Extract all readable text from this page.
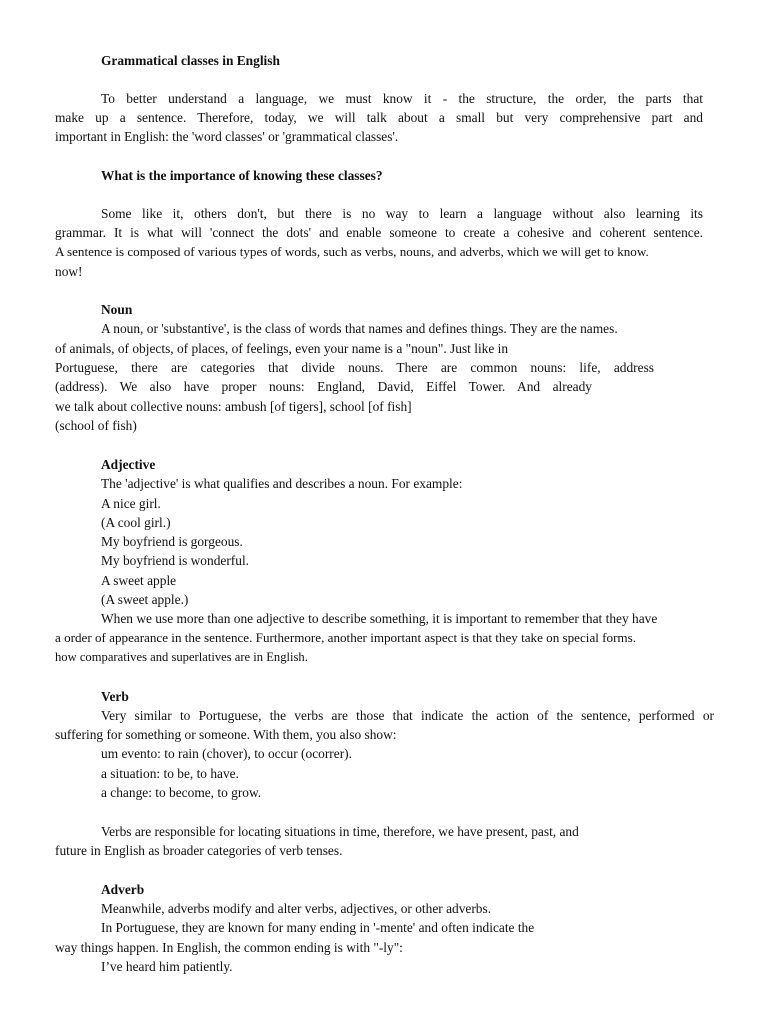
Grammatical classes in English
To better understand a language, we must know it - the structure, the order, the parts that
make up a sentence. Therefore, today, we will talk about a small but very comprehensive part and
important in English: the 'word classes' or 'grammatical classes'.
What is the importance of knowing these classes?
Some like it, others don't, but there is no way to learn a language without also learning its
grammar. It is what will 'connect the dots' and enable someone to create a cohesive and coherent sentence.
A sentence is composed of various types of words, such as verbs, nouns, and adverbs, which we will get to know.
now!
Noun
A noun, or 'substantive', is the class of words that names and defines things. They are the names.
of animals, of objects, of places, of feelings, even your name is a "noun". Just like in
Portuguese, there are categories that divide nouns. There are common nouns: life, address
(address). We also have proper nouns: England, David, Eiffel Tower. And already
we talk about collective nouns: ambush [of tigers], school [of fish]
(school of fish)
Adjective
The 'adjective' is what qualifies and describes a noun. For example:
A nice girl.
(A cool girl.)
My boyfriend is gorgeous.
My boyfriend is wonderful.
A sweet apple
(A sweet apple.)
When we use more than one adjective to describe something, it is important to remember that they have
a order of appearance in the sentence. Furthermore, another important aspect is that they take on special forms.
how comparatives and superlatives are in English.
Verb
Very similar to Portuguese, the verbs are those that indicate the action of the sentence, performed or
suffering for something or someone. With them, you also show:
um evento: to rain (chover), to occur (ocorrer).
a situation: to be, to have.
a change: to become, to grow.
Verbs are responsible for locating situations in time, therefore, we have present, past, and
future in English as broader categories of verb tenses.
Adverb
Meanwhile, adverbs modify and alter verbs, adjectives, or other adverbs.
In Portuguese, they are known for many ending in '-mente' and often indicate the
way things happen. In English, the common ending is with "-ly":
I’ve heard him patiently.
